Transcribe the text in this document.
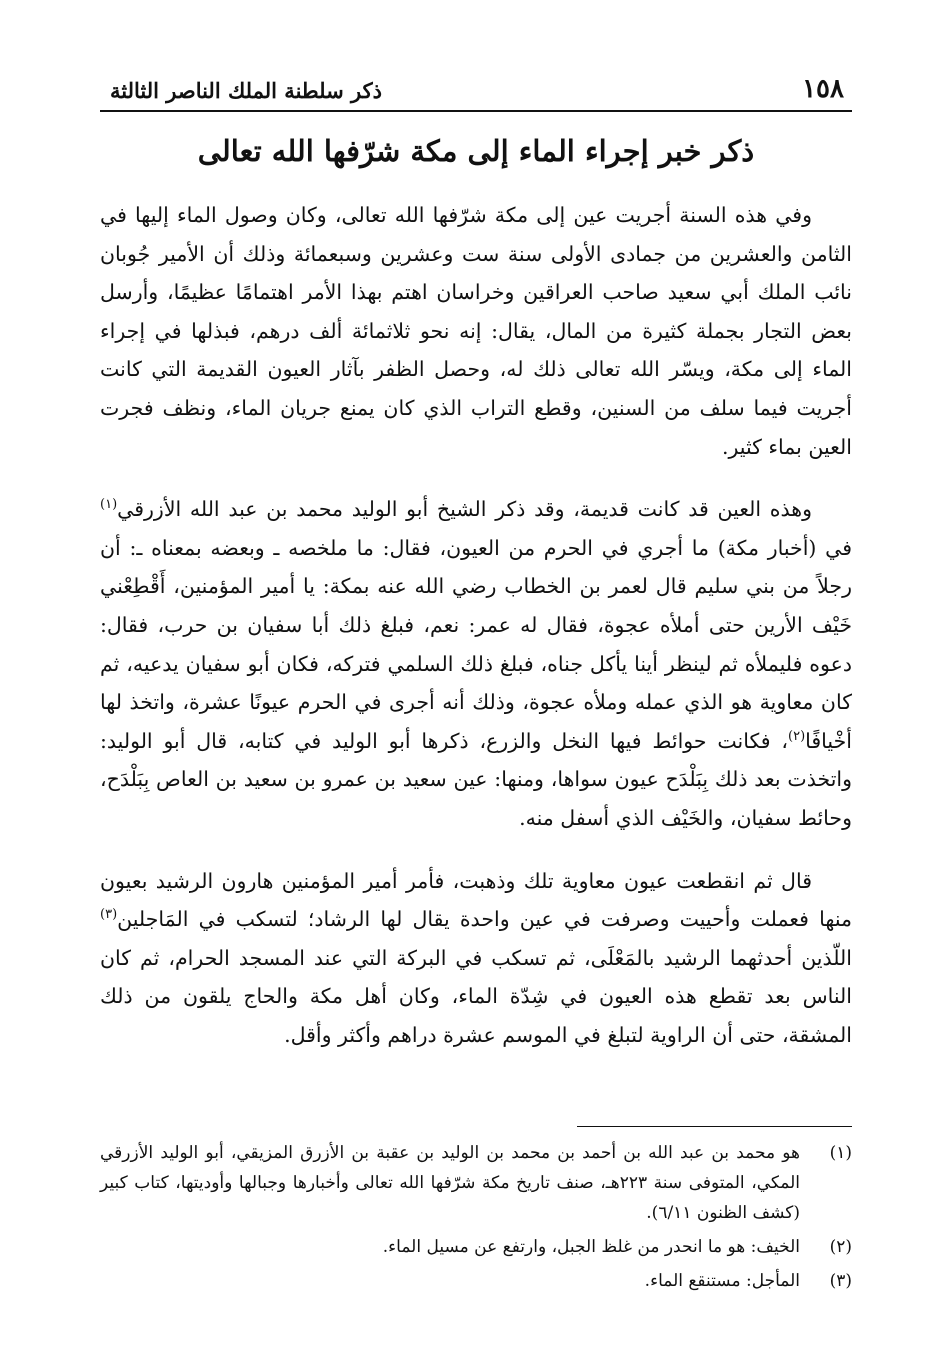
١٥٨
ذكر سلطنة الملك الناصر الثالثة
ذكر خبر إجراء الماء إلى مكة شرّفها الله تعالى

وفي هذه السنة أجريت عين إلى مكة شرّفها الله تعالى، وكان وصول الماء إليها في الثامن والعشرين من جمادى الأولى سنة ست وعشرين وسبعمائة وذلك أن الأمير جُوبان نائب الملك أبي سعيد صاحب العراقين وخراسان اهتم بهذا الأمر اهتمامًا عظيمًا، وأرسل بعض التجار بجملة كثيرة من المال، يقال: إنه نحو ثلاثمائة ألف درهم، فبذلها في إجراء الماء إلى مكة، ويسّر الله تعالى ذلك له، وحصل الظفر بآثار العيون القديمة التي كانت أجريت فيما سلف من السنين، وقطع التراب الذي كان يمنع جريان الماء، ونظف فجرت العين بماء كثير.

وهذه العين قد كانت قديمة، وقد ذكر الشيخ أبو الوليد محمد بن عبد الله الأزرقي$^{(١)}$ في (أخبار مكة) ما أجري في الحرم من العيون، فقال: ما ملخصه ـ وبعضه بمعناه ـ: أن رجلاً من بني سليم قال لعمر بن الخطاب رضي الله عنه بمكة: يا أمير المؤمنين، أَقْطِعْني خَيْف الأرين حتى أملأه عجوة، فقال له عمر: نعم، فبلغ ذلك أبا سفيان بن حرب، فقال: دعوه فليملأه ثم لينظر أينا يأكل جناه، فبلغ ذلك السلمي فتركه، فكان أبو سفيان يدعيه، ثم كان معاوية هو الذي عمله وملأه عجوة، وذلك أنه أجرى في الحرم عيونًا عشرة، واتخذ لها أخْيافًا$^{(٢)}$، فكانت حوائط فيها النخل والزرع، ذكرها أبو الوليد في كتابه، قال أبو الوليد: واتخذت بعد ذلك بِبَلْدَح عيون سواها، ومنها: عين سعيد بن عمرو بن سعيد بن العاص بِبَلْدَح، وحائط سفيان، والخَيْف الذي أسفل منه.

قال ثم انقطعت عيون معاوية تلك وذهبت، فأمر أمير المؤمنين هارون الرشيد بعيون منها فعملت وأحييت وصرفت في عين واحدة يقال لها الرشاد؛ لتسكب في المَاجلين$^{(٣)}$ اللّذين أحدثهما الرشيد بالمَعْلَى، ثم تسكب في البركة التي عند المسجد الحرام، ثم كان الناس بعد تقطع هذه العيون في شِدّة الماء، وكان أهل مكة والحاج يلقون من ذلك المشقة، حتى أن الراوية لتبلغ في الموسم عشرة دراهم وأكثر وأقل.

(١)
هو محمد بن عبد الله بن أحمد بن محمد بن الوليد بن عقبة بن الأزرق المزيقي، أبو الوليد الأزرقي المكي، المتوفى سنة ٢٢٣هـ، صنف تاريخ مكة شرّفها الله تعالى وأخبارها وجبالها وأوديتها، كتاب كبير (كشف الظنون ٦/١١).
(٢)
الخيف: هو ما انحدر من غلظ الجبل، وارتفع عن مسيل الماء.
(٣)
المأجل: مستنقع الماء.
